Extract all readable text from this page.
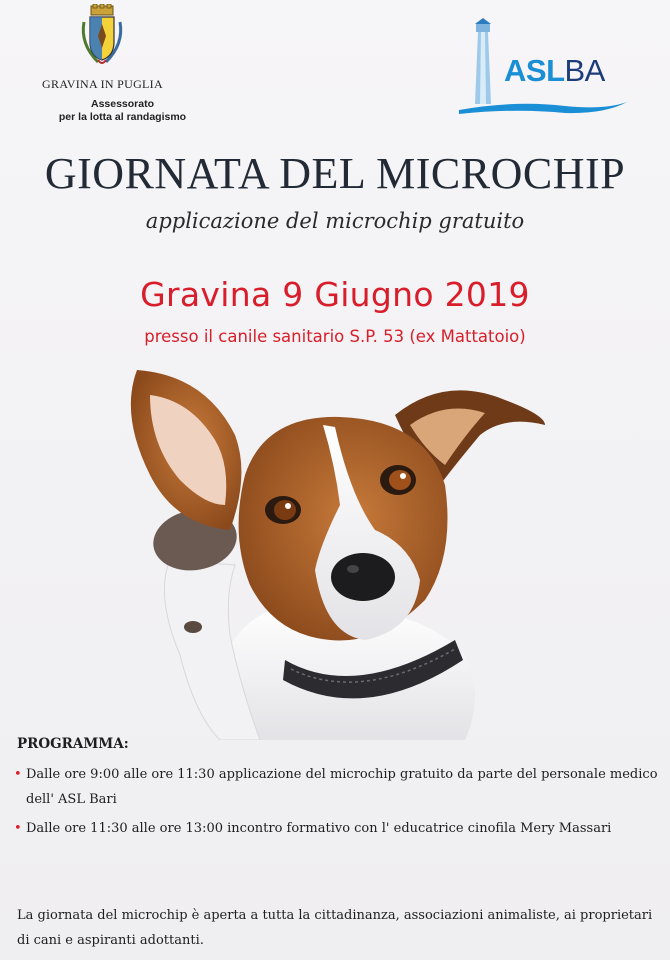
GRAVINA IN PUGLIA
Assessorato
per la lotta al randagismo
ASLBA
GIORNATA DEL MICROCHIP
applicazione del microchip gratuito
Gravina 9 Giugno 2019
presso il canile sanitario S.P. 53 (ex Mattatoio)
PROGRAMMA:
• Dalle ore 9:00 alle ore 11:30 applicazione del microchip gratuito da parte del personale medico dell' ASL Bari
• Dalle ore 11:30 alle ore 13:00 incontro formativo con l' educatrice cinofila Mery Massari
La giornata del microchip è aperta a tutta la cittadinanza, associazioni animaliste, ai proprietari di cani e aspiranti adottanti.
